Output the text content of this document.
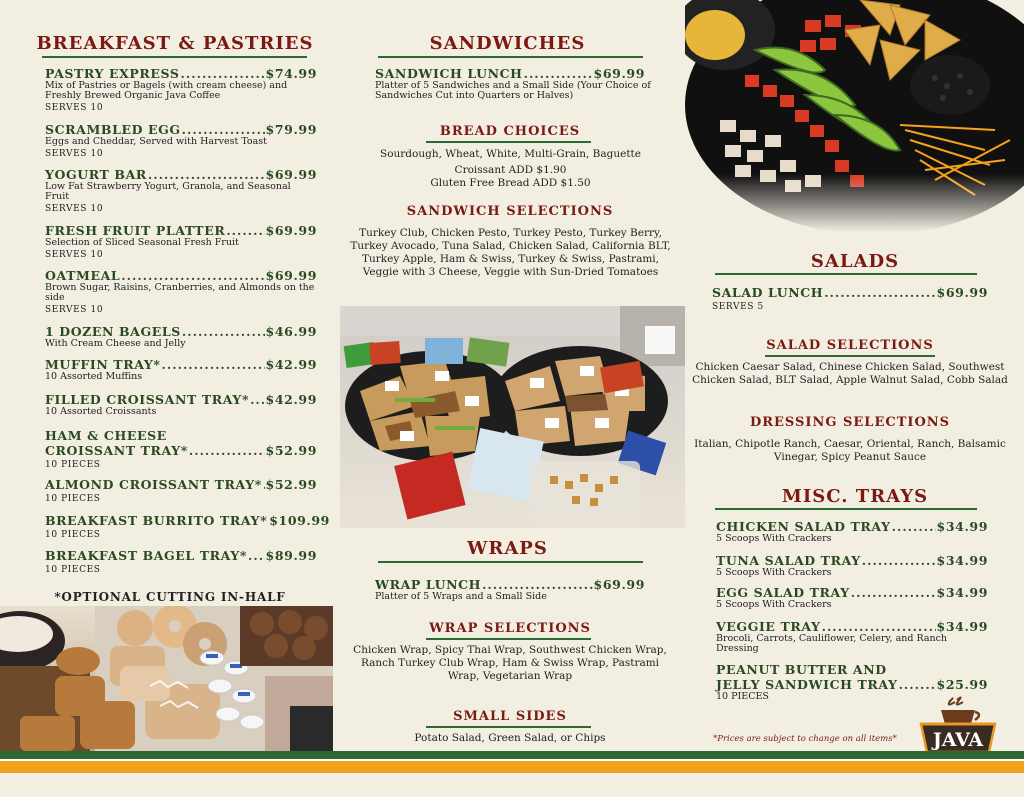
BREAKFAST & PASTRIES
PASTRY EXPRESS .....	$74.99
Mix of Pastries or Bagels (with cream cheese) and Freshly Brewed Organic Java Coffee
SERVES 10
SCRAMBLED EGG .....	$79.99
Eggs and Cheddar, Served with Harvest Toast
SERVES 10
YOGURT BAR .....	$69.99
Low Fat Strawberry Yogurt, Granola, and Seasonal Fruit
SERVES 10
FRESH FRUIT PLATTER .....	$69.99
Selection of Sliced Seasonal Fresh Fruit
SERVES 10
OATMEAL .....	$69.99
Brown Sugar, Raisins, Cranberries, and Almonds on the side
SERVES 10
1 DOZEN BAGELS .....	$46.99
With Cream Cheese and Jelly
MUFFIN TRAY* .....	$42.99
10 Assorted Muffins
FILLED CROISSANT TRAY* ..... $42.99
10 Assorted Croissants
HAM & CHEESE
CROISSANT TRAY* .....	$52.99
10 PIECES
ALMOND CROISSANT TRAY* ..... $52.99
10 PIECES
BREAKFAST BURRITO TRAY* $109.99
10 PIECES
BREAKFAST BAGEL TRAY* ..... $89.99
10 PIECES
*OPTIONAL CUTTING IN-HALF
SANDWICHES
SANDWICH LUNCH .....	$69.99
Platter of 5 Sandwiches and a Small Side (Your Choice of Sandwiches Cut into Quarters or Halves)
BREAD CHOICES
Sourdough, Wheat, White, Multi-Grain, Baguette
Croissant ADD $1.90
Gluten Free Bread ADD $1.50
SANDWICH SELECTIONS
Turkey Club, Chicken Pesto, Turkey Pesto, Turkey Berry, Turkey Avocado, Tuna Salad, Chicken Salad, California BLT, Turkey Apple, Ham & Swiss, Turkey & Swiss, Pastrami, Veggie with 3 Cheese, Veggie with Sun-Dried Tomatoes
WRAPS
WRAP LUNCH .....	$69.99
Platter of 5 Wraps and a Small Side
WRAP SELECTIONS
Chicken Wrap, Spicy Thai Wrap, Southwest Chicken Wrap, Ranch Turkey Club Wrap, Ham & Swiss Wrap, Pastrami Wrap, Vegetarian Wrap
SMALL SIDES
Potato Salad, Green Salad, or Chips
SALADS
SALAD LUNCH .....	$69.99
SERVES 5
SALAD SELECTIONS
Chicken Caesar Salad, Chinese Chicken Salad, Southwest Chicken Salad, BLT Salad, Apple Walnut Salad, Cobb Salad
DRESSING SELECTIONS
Italian, Chipotle Ranch, Caesar, Oriental, Ranch, Balsamic Vinegar, Spicy Peanut Sauce
MISC. TRAYS
CHICKEN SALAD TRAY .....	$34.99
5 Scoops With Crackers
TUNA SALAD TRAY .....	$34.99
5 Scoops With Crackers
EGG SALAD TRAY .....	$34.99
5 Scoops With Crackers
VEGGIE TRAY .....	$34.99
Brocoli, Carrots, Cauliflower, Celery, and Ranch Dressing
PEANUT BUTTER AND
JELLY SANDWICH TRAY .....	$25.99
10 PIECES
*Prices are subject to change on all items*	JAVA
